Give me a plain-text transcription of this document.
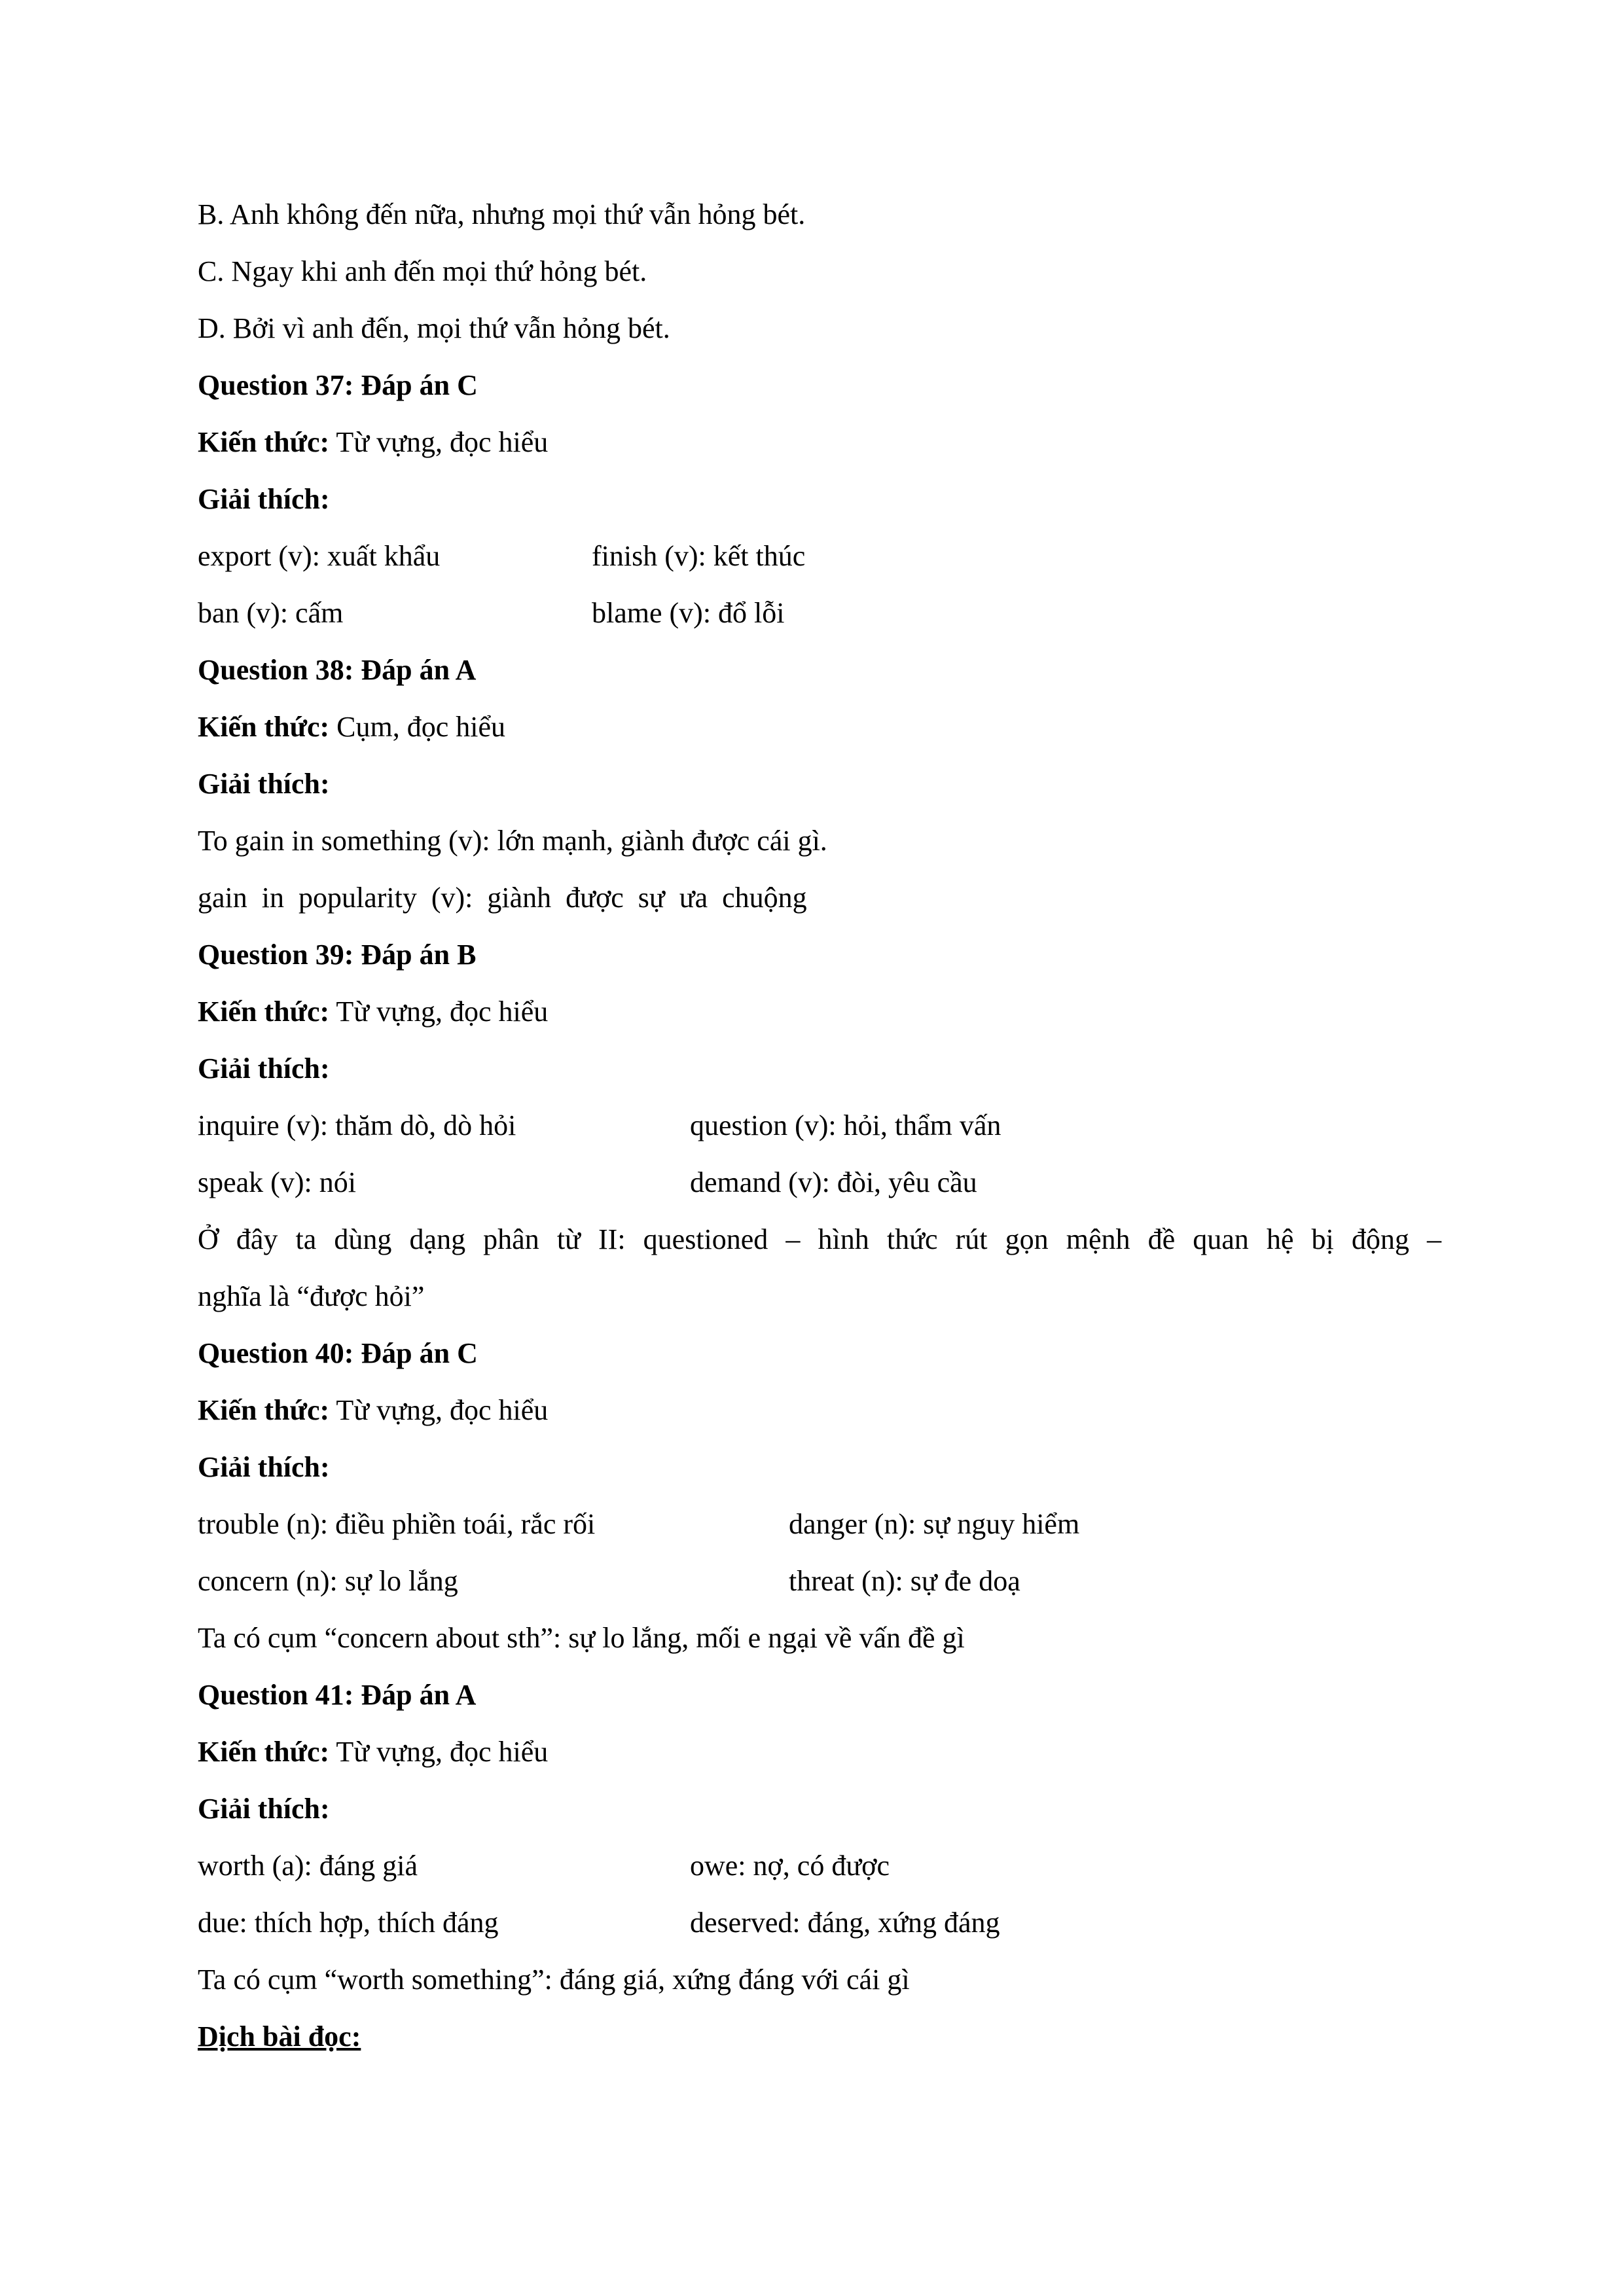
B. Anh không đến nữa, nhưng mọi thứ vẫn hỏng bét.
C. Ngay khi anh đến mọi thứ hỏng bét.
D. Bởi vì anh đến, mọi thứ vẫn hỏng bét.
Question 37: Đáp án C
Kiến thức: Từ vựng, đọc hiểu
Giải thích:
export (v): xuất khẩu	finish (v): kết thúc
ban (v): cấm	blame (v): đổ lỗi
Question 38: Đáp án A
Kiến thức: Cụm, đọc hiểu
Giải thích:
To gain in something (v): lớn mạnh, giành được cái gì.
gain  in  popularity  (v):  giành  được  sự  ưa  chuộng
Question 39: Đáp án B
Kiến thức: Từ vựng, đọc hiểu
Giải thích:
inquire (v): thăm dò, dò hỏi	question (v): hỏi, thẩm vấn
speak (v): nói	demand (v): đòi, yêu cầu
Ở đây ta dùng dạng phân từ II: questioned – hình thức rút gọn mệnh đề quan hệ bị động –
nghĩa là “được hỏi”
Question 40: Đáp án C
Kiến thức: Từ vựng, đọc hiểu
Giải thích:
trouble (n): điều phiền toái, rắc rối	danger (n): sự nguy hiểm
concern (n): sự lo lắng	threat (n): sự đe doạ
Ta có cụm “concern about sth”: sự lo lắng, mối e ngại về vấn đề gì
Question 41: Đáp án A
Kiến thức: Từ vựng, đọc hiểu
Giải thích:
worth (a): đáng giá	owe: nợ, có được
due: thích hợp, thích đáng	deserved: đáng, xứng đáng
Ta có cụm “worth something”: đáng giá, xứng đáng với cái gì
Dịch bài đọc:
